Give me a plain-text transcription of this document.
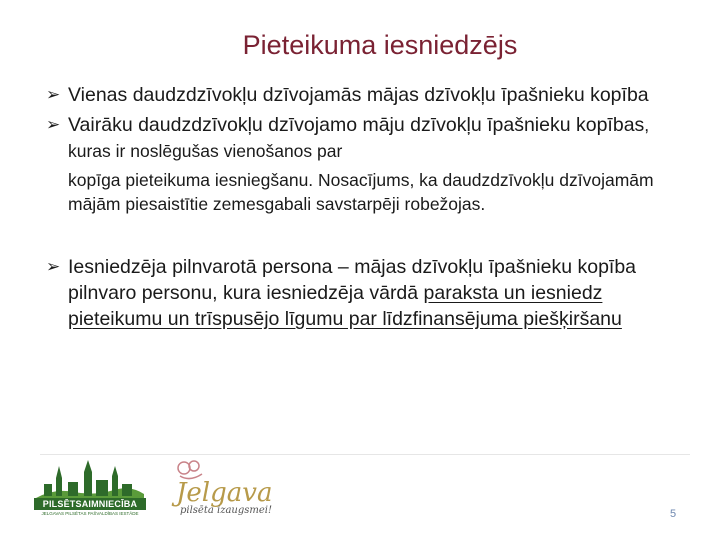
Pieteikuma iesniedzējs
➢ Vienas daudzdzīvokļu dzīvojamās mājas dzīvokļu īpašnieku kopība
➢ Vairāku daudzdzīvokļu dzīvojamo māju dzīvokļu īpašnieku kopības, kuras ir noslēgušas vienošanos par
kopīga pieteikuma iesniegšanu. Nosacījums, ka daudzdzīvokļu dzīvojamām mājām piesaistītie zemesgabali savstarpēji robežojas.
➢ Iesniedzēja pilnvarotā persona – mājas dzīvokļu īpašnieku kopība pilnvaro personu, kura iesniedzēja vārdā paraksta un iesniedz pieteikumu un trīspusējo līgumu par līdzfinansējuma piešķiršanu
PILSĒTSAIMNIECĪBA
JELGAVAS PILSĒTAS PAŠVALDĪBAS IESTĀDE
Jelgava
pilsēta izaugsmei!	5
